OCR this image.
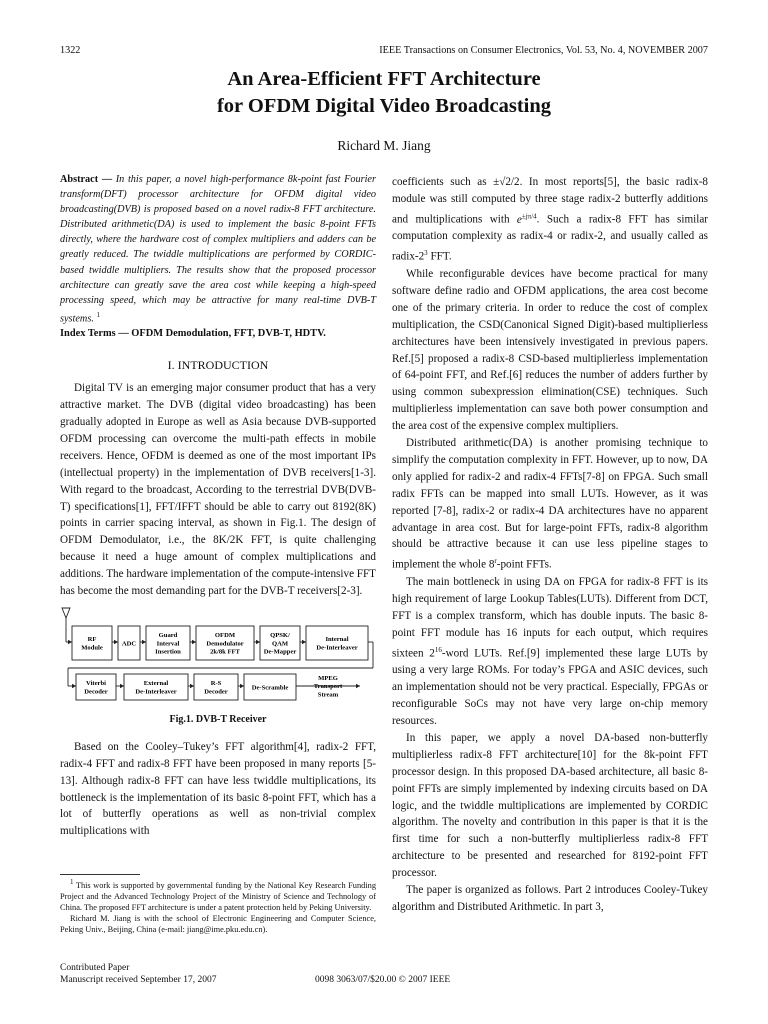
1322	IEEE Transactions on Consumer Electronics, Vol. 53, No. 4, NOVEMBER 2007
An Area-Efficient FFT Architecture
for OFDM Digital Video Broadcasting
Richard M. Jiang

Abstract — In this paper, a novel high-performance 8k-point fast Fourier transform(DFT) processor architecture for OFDM digital video broadcasting(DVB) is proposed based on a novel radix-8 FFT architecture. Distributed arithmetic(DA) is used to implement the basic 8-point FFTs directly, where the hardware cost of complex multipliers and adders can be greatly reduced. The twiddle multiplications are performed by CORDIC-based twiddle multipliers. The results show that the proposed processor architecture can greatly save the area cost while keeping a high-speed processing speed, which may be attractive for many real-time DVB-T systems. $^1$

Index Terms — OFDM Demodulation, FFT, DVB-T, HDTV.

I. INTRODUCTION

Digital TV is an emerging major consumer product that has a very attractive market. The DVB (digital video broadcasting) has been gradually adopted in Europe as well as Asia because DVB-supported OFDM processing can overcome the multi-path effects in mobile receivers. Hence, OFDM is deemed as one of the most important IPs (intellectual property) in the implementation of DVB receivers[1-3]. With regard to the broadcast, According to the terrestrial DVB(DVB-T) specifications[1], FFT/IFFT should be able to carry out 8192(8K) points in carrier spacing interval, as shown in Fig.1. The design of OFDM Demodulator, i.e., the 8K/2K FFT, is quite challenging because it need a huge amount of complex multiplications and additions. The hardware implementation of the compute-intensive FFT has become the most demanding part for the DVB-T receivers[2-3].

RF
Module
ADC
Guard
Interval
Insertion
OFDM
Demodulator
2k/8k FFT
QPSK/
QAM
De-Mapper
Internal
De-Interleaver
Viterbi
Decoder
External
De-Interleaver
R-S
Decoder
De-Scramble
MPEG
Transport
Stream
Fig.1. DVB-T Receiver

Based on the Cooley–Tukey’s FFT algorithm[4], radix-2 FFT, radix-4 FFT and radix-8 FFT have been proposed in many reports [5-13]. Although radix-8 FFT can have less twiddle multiplications, its bottleneck is the implementation of its basic 8-point FFT, which has a lot of butterfly operations as well as non-trivial complex multiplications with

coefficients such as ±√2/2. In most reports[5], the basic radix-8 module was still computed by three stage radix-2 butterfly additions and multiplications with $e^{\pm j\pi/4}$. Such a radix-8 FFT has similar computation complexity as radix-4 or radix-2, and usually called as radix-$2^3$ FFT.

While reconfigurable devices have become practical for many software define radio and OFDM applications, the area cost become one of the primary criteria. In order to reduce the cost of complex multiplication, the CSD(Canonical Signed Digit)-based multiplierless architectures have been intensively investigated in previous papers. Ref.[5] proposed a radix-8 CSD-based multiplierless implementation of 64-point FFT, and Ref.[6] reduces the number of adders further by using common subexpression elimination(CSE) techniques. Such multiplierless implementation can save both power consumption and the area cost of the expensive complex multipliers.

Distributed arithmetic(DA) is another promising technique to simplify the computation complexity in FFT. However, up to now, DA only applied for radix-2 and radix-4 FFTs[7-8] on FPGA. Such small radix FFTs can be mapped into small LUTs. However, as it was reported [7-8], radix-2 or radix-4 DA architectures have no apparent advantage in area cost. But for large-point FFTs, radix-8 algorithm should be attractive because it can use less pipeline stages to implement the whole 8$^r$-point FFTs.

The main bottleneck in using DA on FPGA for radix-8 FFT is its high requirement of large Lookup Tables(LUTs). Different from DCT, FFT is a complex transform, which has double inputs. The basic 8-point FFT module has 16 inputs for each output, which requires sixteen $2^{16}$-word LUTs. Ref.[9] implemented these large LUTs by using a very large ROMs. For today’s FPGA and ASIC devices, such an implementation should not be very practical. Especially, FPGAs or reconfigurable SoCs may not have very large on-chip memory resources.

In this paper, we apply a novel DA-based non-butterfly multiplierless radix-8 FFT architecture[10] for the 8k-point FFT processor design. In this proposed DA-based architecture, all basic 8-point FFTs are simply implemented by indexing circuits based on DA logic, and the twiddle multiplications are implemented by CORDIC algorithm. The novelty and contribution in this paper is that it is the first time for such a non-butterfly multiplierless radix-8 FFT architecture to be presented and researched for 8192-point FFT processor.

The paper is organized as follows. Part 2 introduces Cooley-Tukey algorithm and Distributed Arithmetic. In part 3,

$^1$ This work is supported by governmental funding by the National Key Research Funding Project and the Advanced Technology Project of the Ministry of Science and Technology of China. The proposed FFT architecture is under a patent protection held by Peking University.

Richard M. Jiang is with the school of Electronic Engineering and Computer Science, Peking Univ., Beijing, China (e-mail: jiang@ime.pku.edu.cn).

Contributed Paper
Manuscript received September 17, 2007	0098 3063/07/$20.00 © 2007 IEEE
